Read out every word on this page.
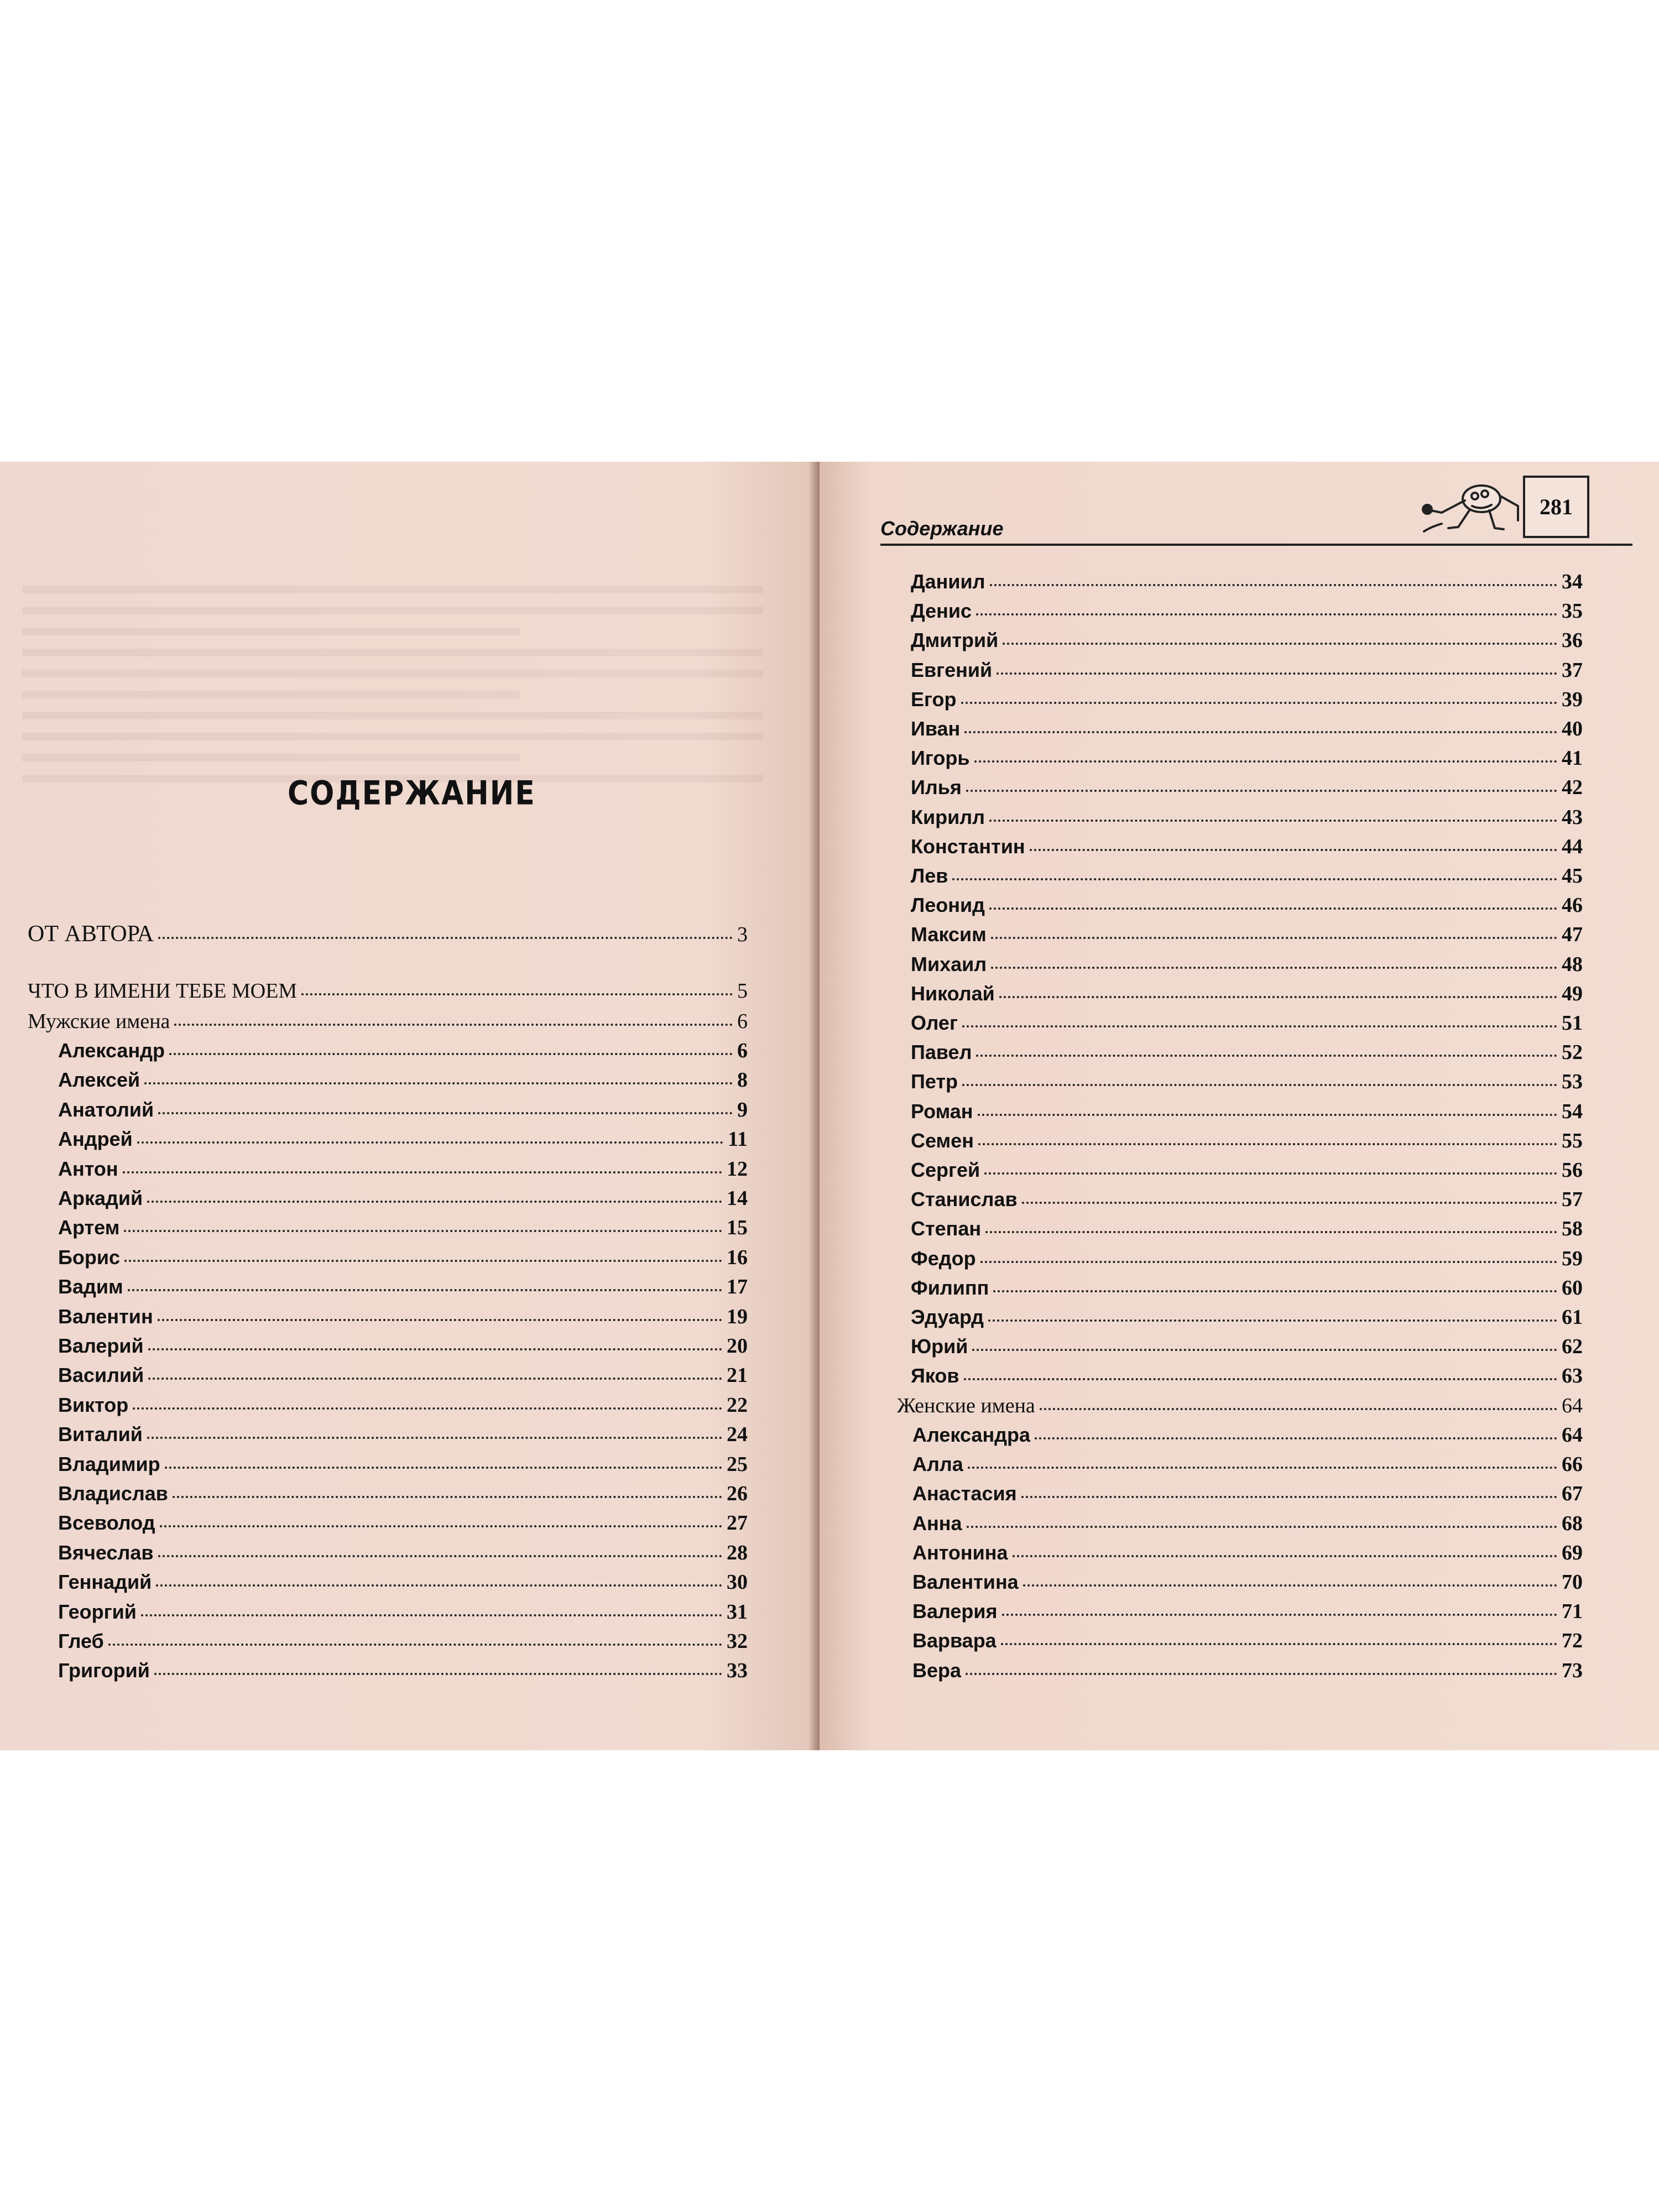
СОДЕРЖАНИЕ
ОТ АВТОРА	3
ЧТО В ИМЕНИ ТЕБЕ МОЕМ	5
Мужские имена	6
Александр	6
Алексей	8
Анатолий	9
Андрей	11
Антон	12
Аркадий	14
Артем	15
Борис	16
Вадим	17
Валентин	19
Валерий	20
Василий	21
Виктор	22
Виталий	24
Владимир	25
Владислав	26
Всеволод	27
Вячеслав	28
Геннадий	30
Георгий	31
Глеб	32
Григорий	33
Содержание
281
Даниил	34
Денис	35
Дмитрий	36
Евгений	37
Егор	39
Иван	40
Игорь	41
Илья	42
Кирилл	43
Константин	44
Лев	45
Леонид	46
Максим	47
Михаил	48
Николай	49
Олег	51
Павел	52
Петр	53
Роман	54
Семен	55
Сергей	56
Станислав	57
Степан	58
Федор	59
Филипп	60
Эдуард	61
Юрий	62
Яков	63
Женские имена	64
Александра	64
Алла	66
Анастасия	67
Анна	68
Антонина	69
Валентина	70
Валерия	71
Варвара	72
Вера	73
